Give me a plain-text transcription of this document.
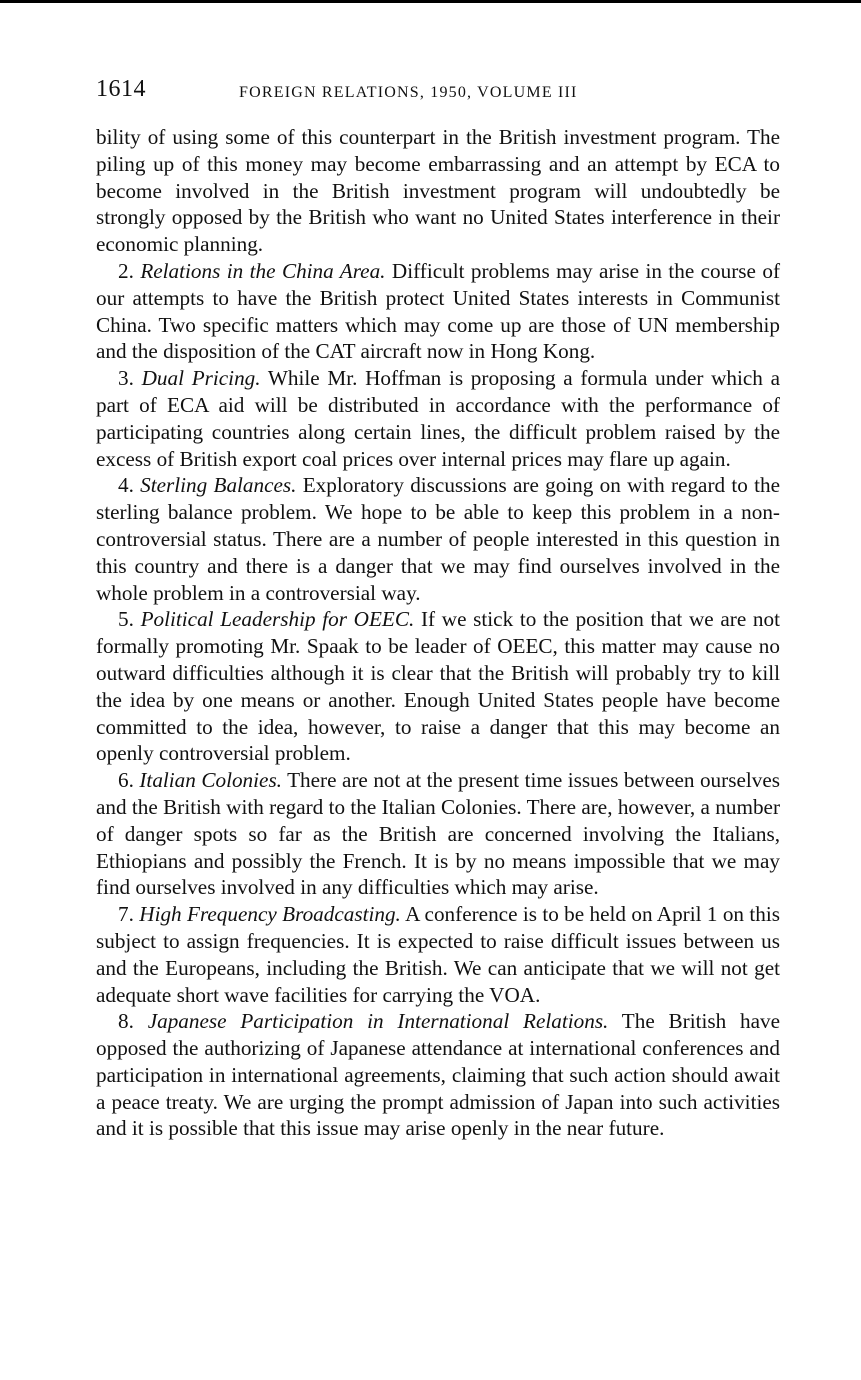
1614	FOREIGN RELATIONS, 1950, VOLUME III

bility of using some of this counterpart in the British investment program. The piling up of this money may become embarrassing and an attempt by ECA to become involved in the British investment program will undoubtedly be strongly opposed by the British who want no United States interference in their economic planning.

2. Relations in the China Area. Difficult problems may arise in the course of our attempts to have the British protect United States interests in Communist China. Two specific matters which may come up are those of UN membership and the disposition of the CAT aircraft now in Hong Kong.

3. Dual Pricing. While Mr. Hoffman is proposing a formula under which a part of ECA aid will be distributed in accordance with the performance of participating countries along certain lines, the difficult problem raised by the excess of British export coal prices over internal prices may flare up again.

4. Sterling Balances. Exploratory discussions are going on with regard to the sterling balance problem. We hope to be able to keep this problem in a non-controversial status. There are a number of people interested in this question in this country and there is a danger that we may find ourselves involved in the whole problem in a controversial way.

5. Political Leadership for OEEC. If we stick to the position that we are not formally promoting Mr. Spaak to be leader of OEEC, this matter may cause no outward difficulties although it is clear that the British will probably try to kill the idea by one means or another. Enough United States people have become committed to the idea, however, to raise a danger that this may become an openly controversial problem.

6. Italian Colonies. There are not at the present time issues between ourselves and the British with regard to the Italian Colonies. There are, however, a number of danger spots so far as the British are concerned involving the Italians, Ethiopians and possibly the French. It is by no means impossible that we may find ourselves involved in any difficulties which may arise.

7. High Frequency Broadcasting. A conference is to be held on April 1 on this subject to assign frequencies. It is expected to raise difficult issues between us and the Europeans, including the British. We can anticipate that we will not get adequate short wave facilities for carrying the VOA.

8. Japanese Participation in International Relations. The British have opposed the authorizing of Japanese attendance at international conferences and participation in international agreements, claiming that such action should await a peace treaty. We are urging the prompt admission of Japan into such activities and it is possible that this issue may arise openly in the near future.
